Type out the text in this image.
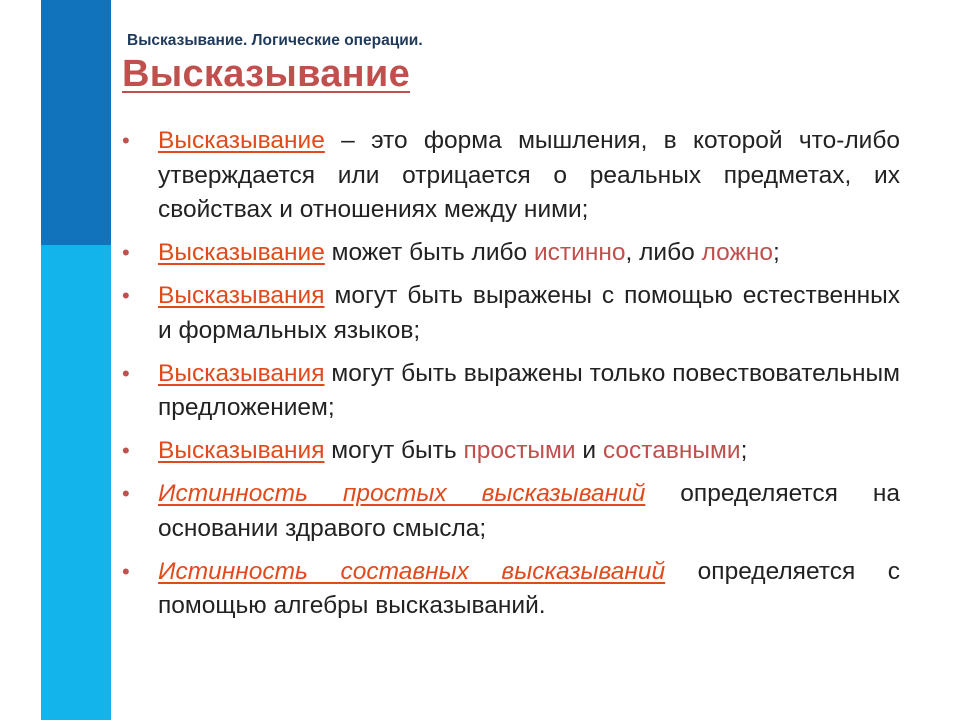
Высказывание. Логические операции.
Высказывание
• Высказывание – это форма мышления, в которой что-либо утверждается или отрицается о реальных предметах, их свойствах и отношениях между ними;
• Высказывание может быть либо истинно, либо ложно;
• Высказывания могут быть выражены с помощью естественных и формальных языков;
• Высказывания могут быть выражены только повествовательным предложением;
• Высказывания могут быть простыми и составными;
• Истинность простых высказываний определяется на основании здравого смысла;
• Истинность составных высказываний определяется с помощью алгебры высказываний.
